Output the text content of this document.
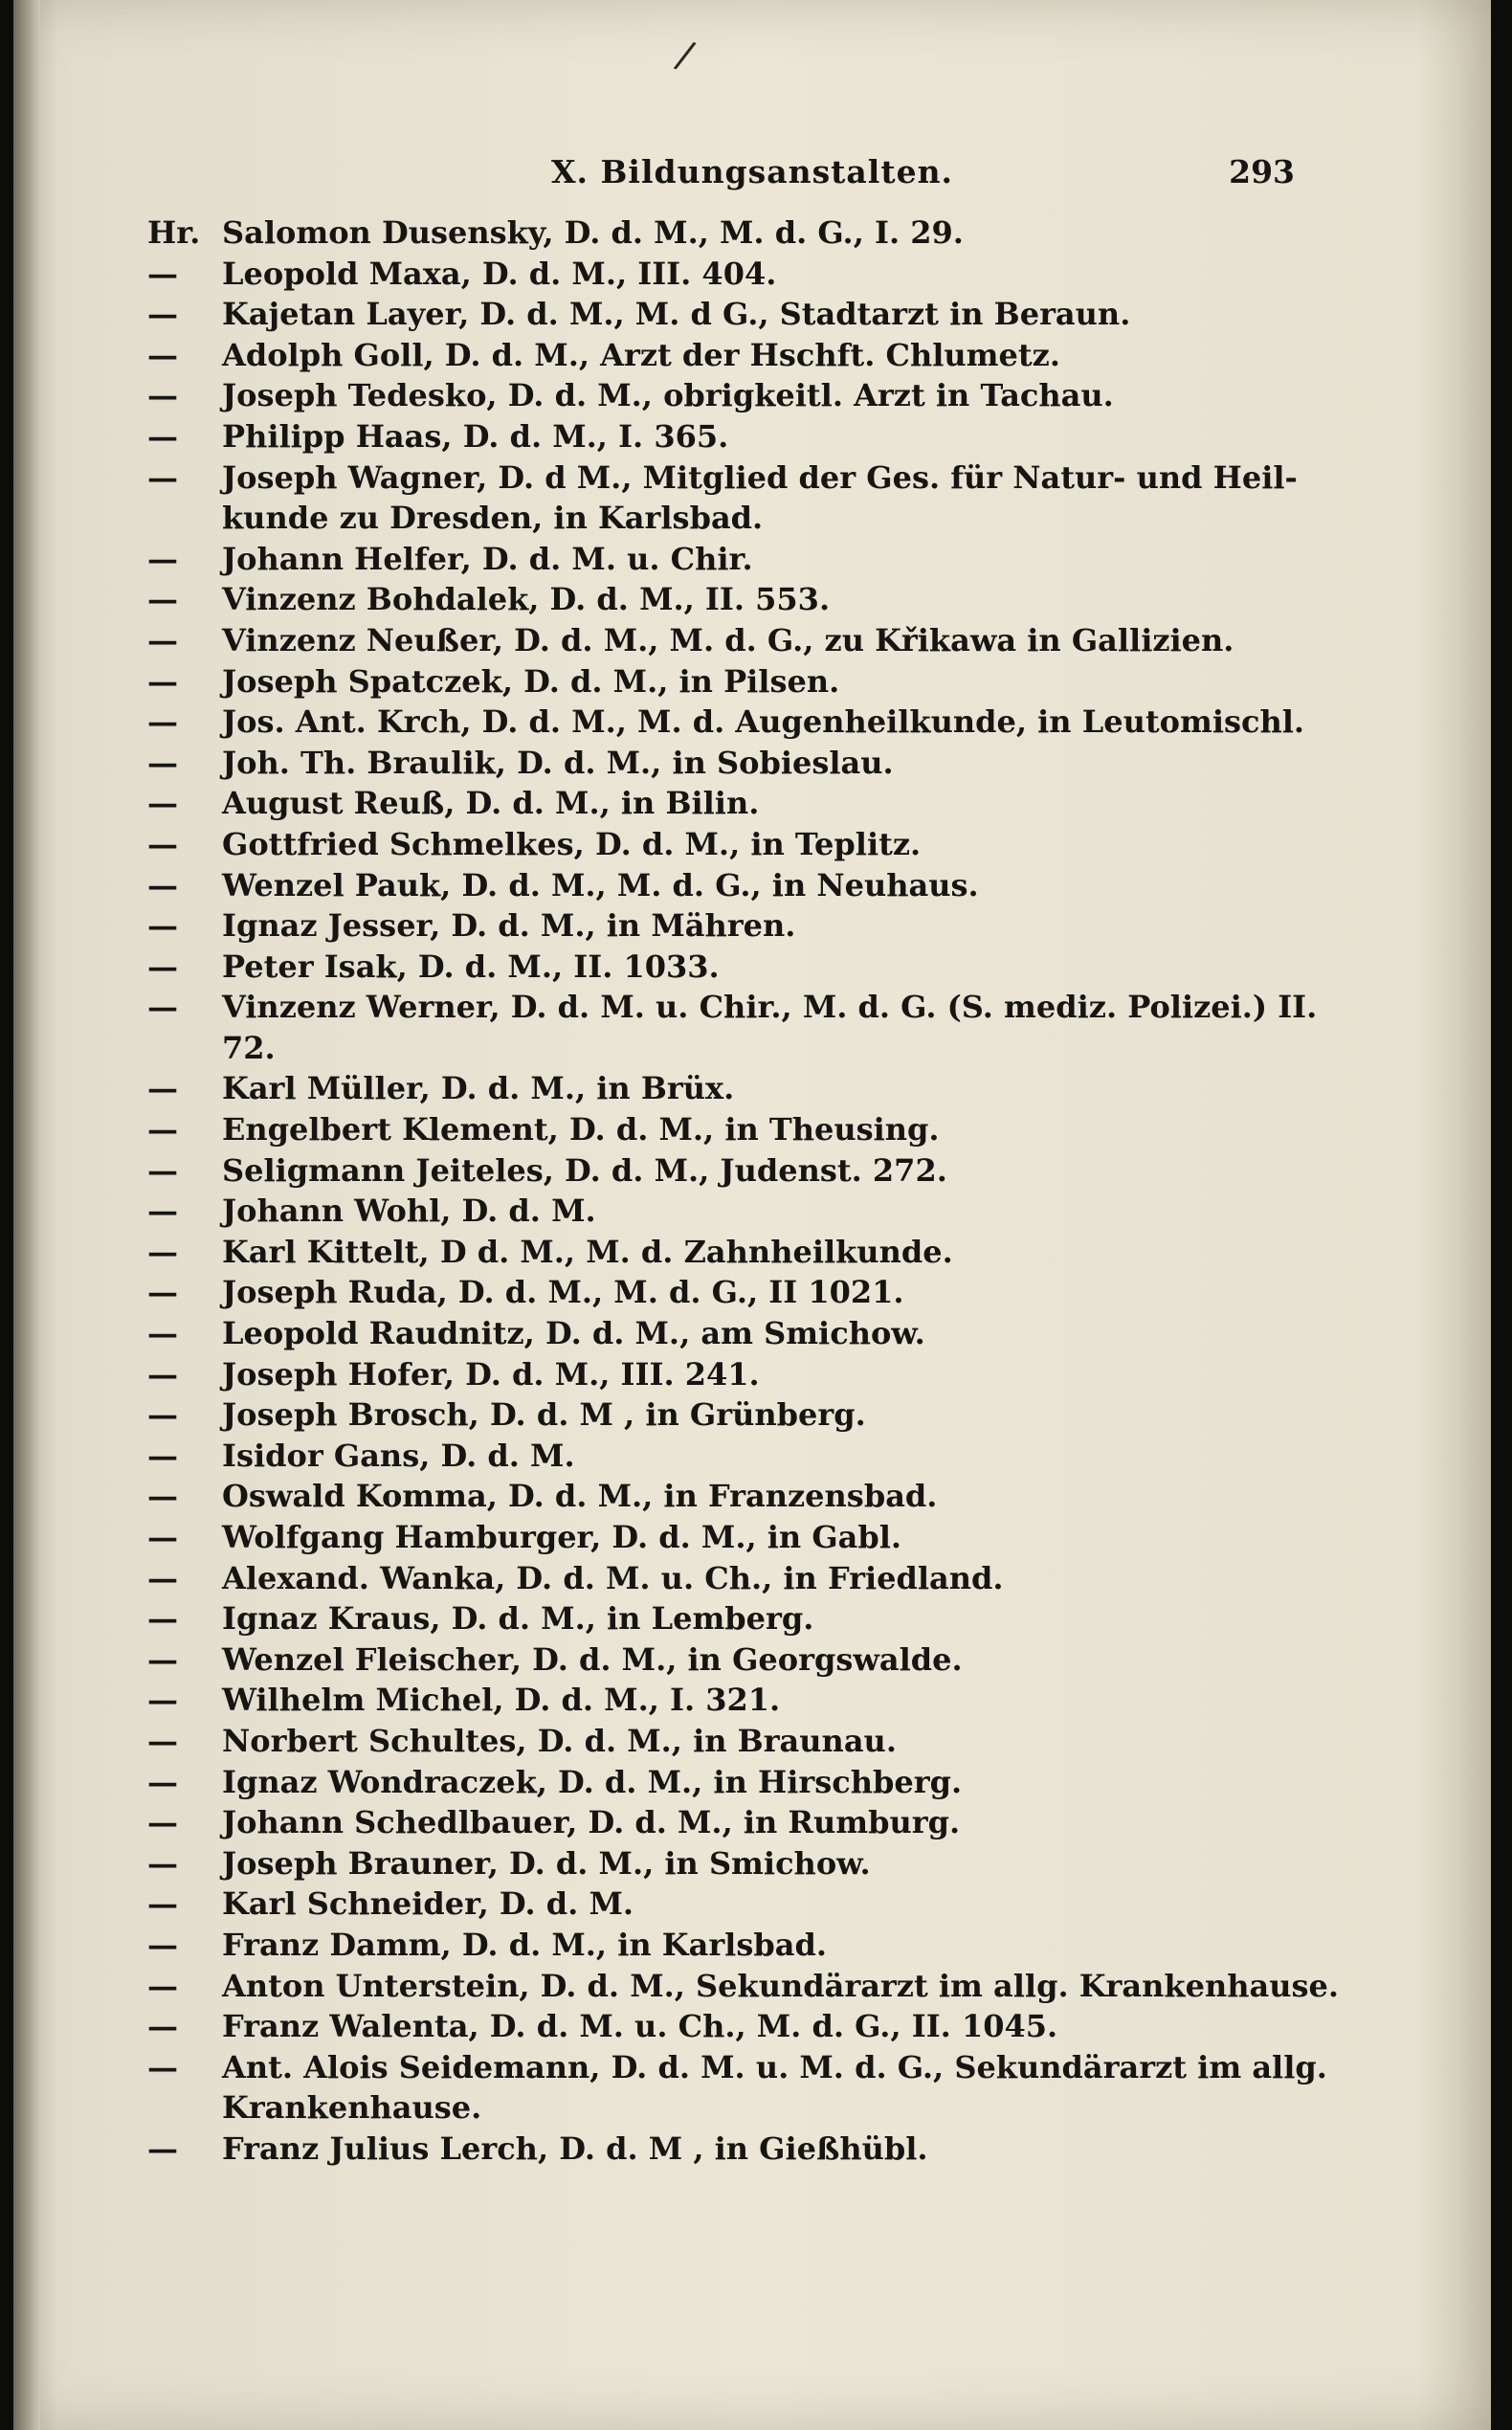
X. Bildungsanstalten.	293
/
Hr. Salomon Dusensky, D. d. M., M. d. G., I. 29.
—	Leopold Maxa, D. d. M., III. 404.
—	Kajetan Layer, D. d. M., M. d G., Stadtarzt in Beraun.
—	Adolph Goll, D. d. M., Arzt der Hschft. Chlumetz.
—	Joseph Tedesko, D. d. M., obrigkeitl. Arzt in Tachau.
—	Philipp Haas, D. d. M., I. 365.
—	Joseph Wagner, D. d M., Mitglied der Ges. für Natur- und Heil-kunde zu Dresden, in Karlsbad.
—	Johann Helfer, D. d. M. u. Chir.
—	Vinzenz Bohdalek, D. d. M., II. 553.
—	Vinzenz Neußer, D. d. M., M. d. G., zu Křikawa in Gallizien.
—	Joseph Spatczek, D. d. M., in Pilsen.
—	Jos. Ant. Krch, D. d. M., M. d. Augenheilkunde, in Leutomischl.
—	Joh. Th. Braulik, D. d. M., in Sobieslau.
—	August Reuß, D. d. M., in Bilin.
—	Gottfried Schmelkes, D. d. M., in Teplitz.
—	Wenzel Pauk, D. d. M., M. d. G., in Neuhaus.
—	Ignaz Jesser, D. d. M., in Mähren.
—	Peter Isak, D. d. M., II. 1033.
—	Vinzenz Werner, D. d. M. u. Chir., M. d. G. (S. mediz. Polizei.) II. 72.
—	Karl Müller, D. d. M., in Brüx.
—	Engelbert Klement, D. d. M., in Theusing.
—	Seligmann Jeiteles, D. d. M., Judenst. 272.
—	Johann Wohl, D. d. M.
—	Karl Kittelt, D d. M., M. d. Zahnheilkunde.
—	Joseph Ruda, D. d. M., M. d. G., II 1021.
—	Leopold Raudnitz, D. d. M., am Smichow.
—	Joseph Hofer, D. d. M., III. 241.
—	Joseph Brosch, D. d. M , in Grünberg.
—	Isidor Gans, D. d. M.
—	Oswald Komma, D. d. M., in Franzensbad.
—	Wolfgang Hamburger, D. d. M., in Gabl.
—	Alexand. Wanka, D. d. M. u. Ch., in Friedland.
—	Ignaz Kraus, D. d. M., in Lemberg.
—	Wenzel Fleischer, D. d. M., in Georgswalde.
—	Wilhelm Michel, D. d. M., I. 321.
—	Norbert Schultes, D. d. M., in Braunau.
—	Ignaz Wondraczek, D. d. M., in Hirschberg.
—	Johann Schedlbauer, D. d. M., in Rumburg.
—	Joseph Brauner, D. d. M., in Smichow.
—	Karl Schneider, D. d. M.
—	Franz Damm, D. d. M., in Karlsbad.
—	Anton Unterstein, D. d. M., Sekundärarzt im allg. Krankenhause.
—	Franz Walenta, D. d. M. u. Ch., M. d. G., II. 1045.
—	Ant. Alois Seidemann, D. d. M. u. M. d. G., Sekundärarzt im allg. Krankenhause.
—	Franz Julius Lerch, D. d. M , in Gießhübl.
